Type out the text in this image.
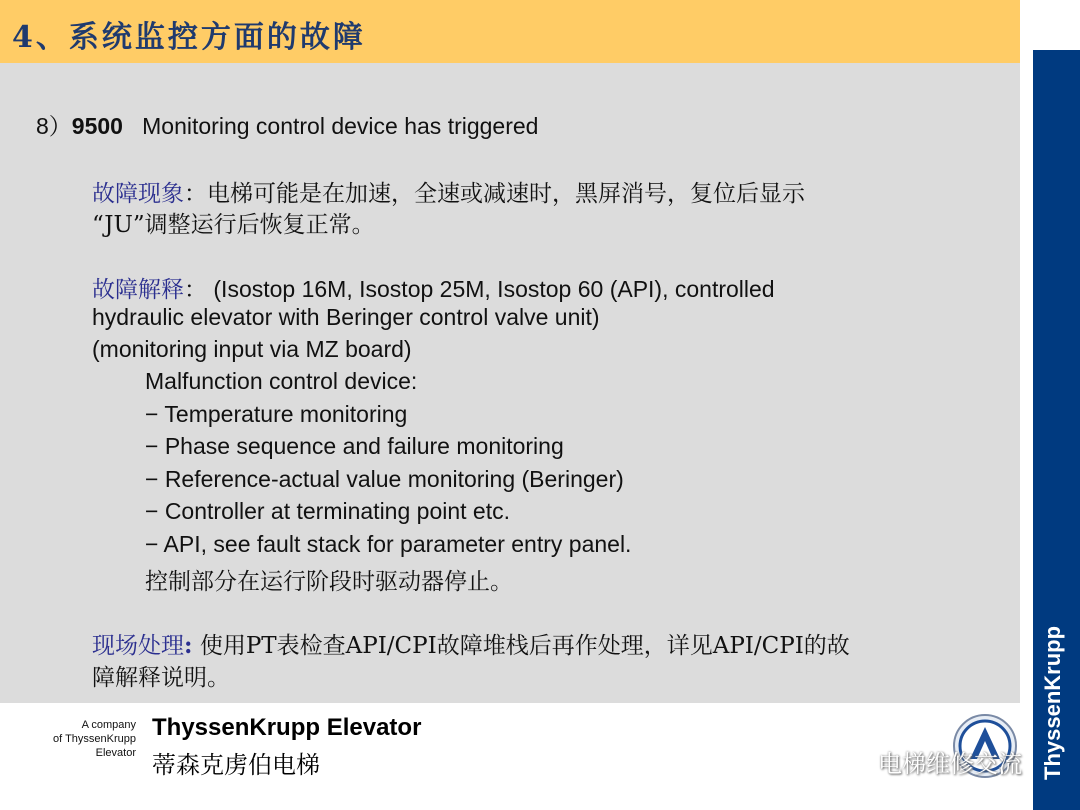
4、系统监控方面的故障
ThyssenKrupp
8）9500 Monitoring control device has triggered
故障现象：电梯可能是在加速，全速或减速时，黑屏消号，复位后显示
“JU”调整运行后恢复正常。
故障解释： (Isostop 16M, Isostop 25M, Isostop 60 (API), controlled
hydraulic elevator with Beringer control valve unit)
(monitoring input via MZ board)
Malfunction control device:
− Temperature monitoring
− Phase sequence and failure monitoring
− Reference-actual value monitoring (Beringer)
− Controller at terminating point etc.
− API, see fault stack for parameter entry panel.
控制部分在运行阶段时驱动器停止。
现场处理: 使用PT表检查API/CPI故障堆栈后再作处理，详见API/CPI的故
障解释说明。
A company
of ThyssenKrupp
Elevator
ThyssenKrupp Elevator
蒂森克虏伯电梯	电梯维修交流
